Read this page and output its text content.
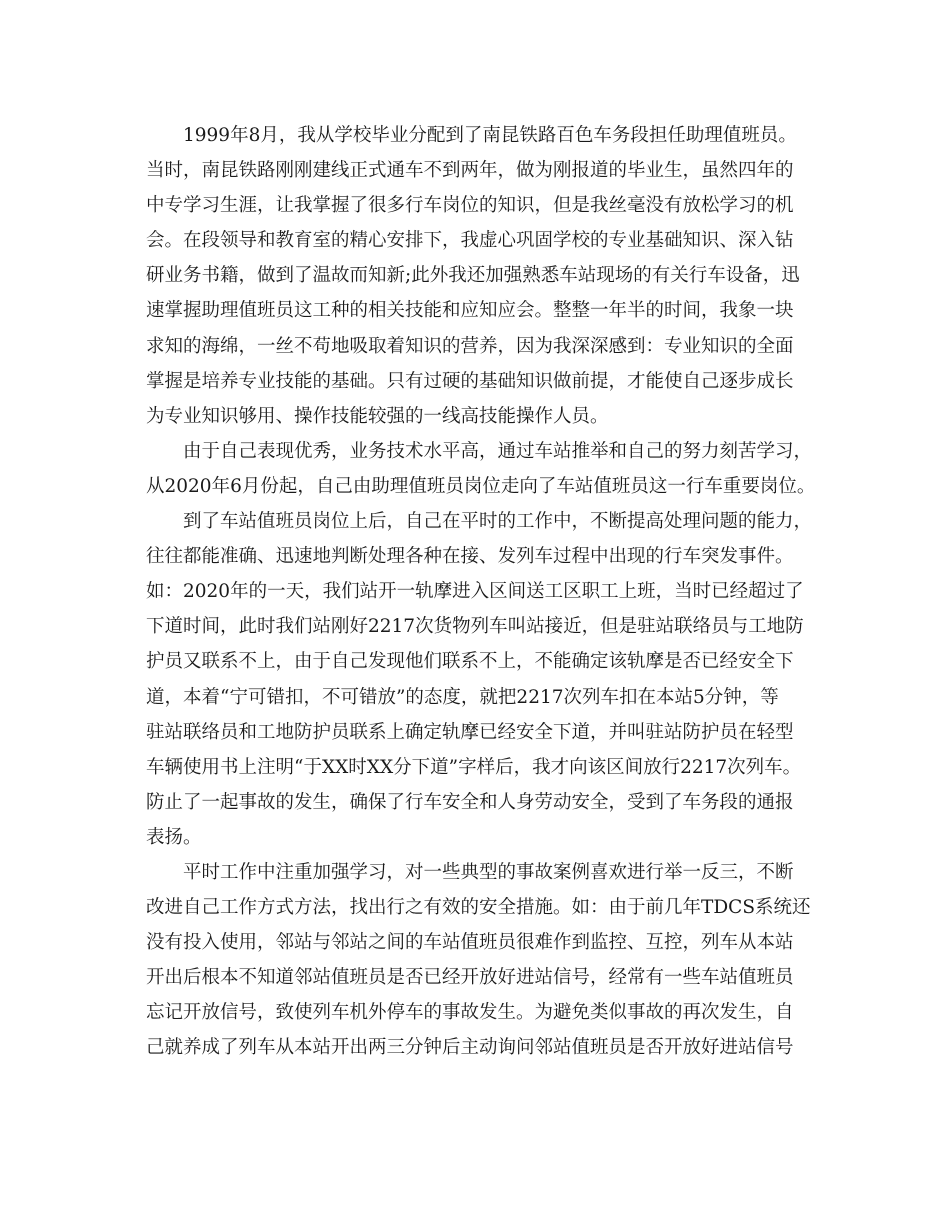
1999年8月，我从学校毕业分配到了南昆铁路百色车务段担任助理值班员。
当时，南昆铁路刚刚建线正式通车不到两年，做为刚报道的毕业生，虽然四年的
中专学习生涯，让我掌握了很多行车岗位的知识，但是我丝毫没有放松学习的机
会。在段领导和教育室的精心安排下，我虚心巩固学校的专业基础知识、深入钻
研业务书籍，做到了温故而知新;此外我还加强熟悉车站现场的有关行车设备，迅
速掌握助理值班员这工种的相关技能和应知应会。整整一年半的时间，我象一块
求知的海绵，一丝不苟地吸取着知识的营养，因为我深深感到：专业知识的全面
掌握是培养专业技能的基础。只有过硬的基础知识做前提，才能使自己逐步成长
为专业知识够用、操作技能较强的一线高技能操作人员。
由于自己表现优秀，业务技术水平高，通过车站推举和自己的努力刻苦学习，
从2020年6月份起，自己由助理值班员岗位走向了车站值班员这一行车重要岗位。
到了车站值班员岗位上后，自己在平时的工作中，不断提高处理问题的能力，
往往都能准确、迅速地判断处理各种在接、发列车过程中出现的行车突发事件。
如：2020年的一天，我们站开一轨摩进入区间送工区职工上班，当时已经超过了
下道时间，此时我们站刚好2217次货物列车叫站接近，但是驻站联络员与工地防
护员又联系不上，由于自己发现他们联系不上，不能确定该轨摩是否已经安全下
道，本着“宁可错扣，不可错放”的态度，就把2217次列车扣在本站5分钟，等
驻站联络员和工地防护员联系上确定轨摩已经安全下道，并叫驻站防护员在轻型
车辆使用书上注明“于XX时XX分下道”字样后，我才向该区间放行2217次列车。
防止了一起事故的发生，确保了行车安全和人身劳动安全，受到了车务段的通报
表扬。
平时工作中注重加强学习，对一些典型的事故案例喜欢进行举一反三，不断
改进自己工作方式方法，找出行之有效的安全措施。如：由于前几年TDCS系统还
没有投入使用，邻站与邻站之间的车站值班员很难作到监控、互控，列车从本站
开出后根本不知道邻站值班员是否已经开放好进站信号，经常有一些车站值班员
忘记开放信号，致使列车机外停车的事故发生。为避免类似事故的再次发生，自
己就养成了列车从本站开出两三分钟后主动询问邻站值班员是否开放好进站信号
